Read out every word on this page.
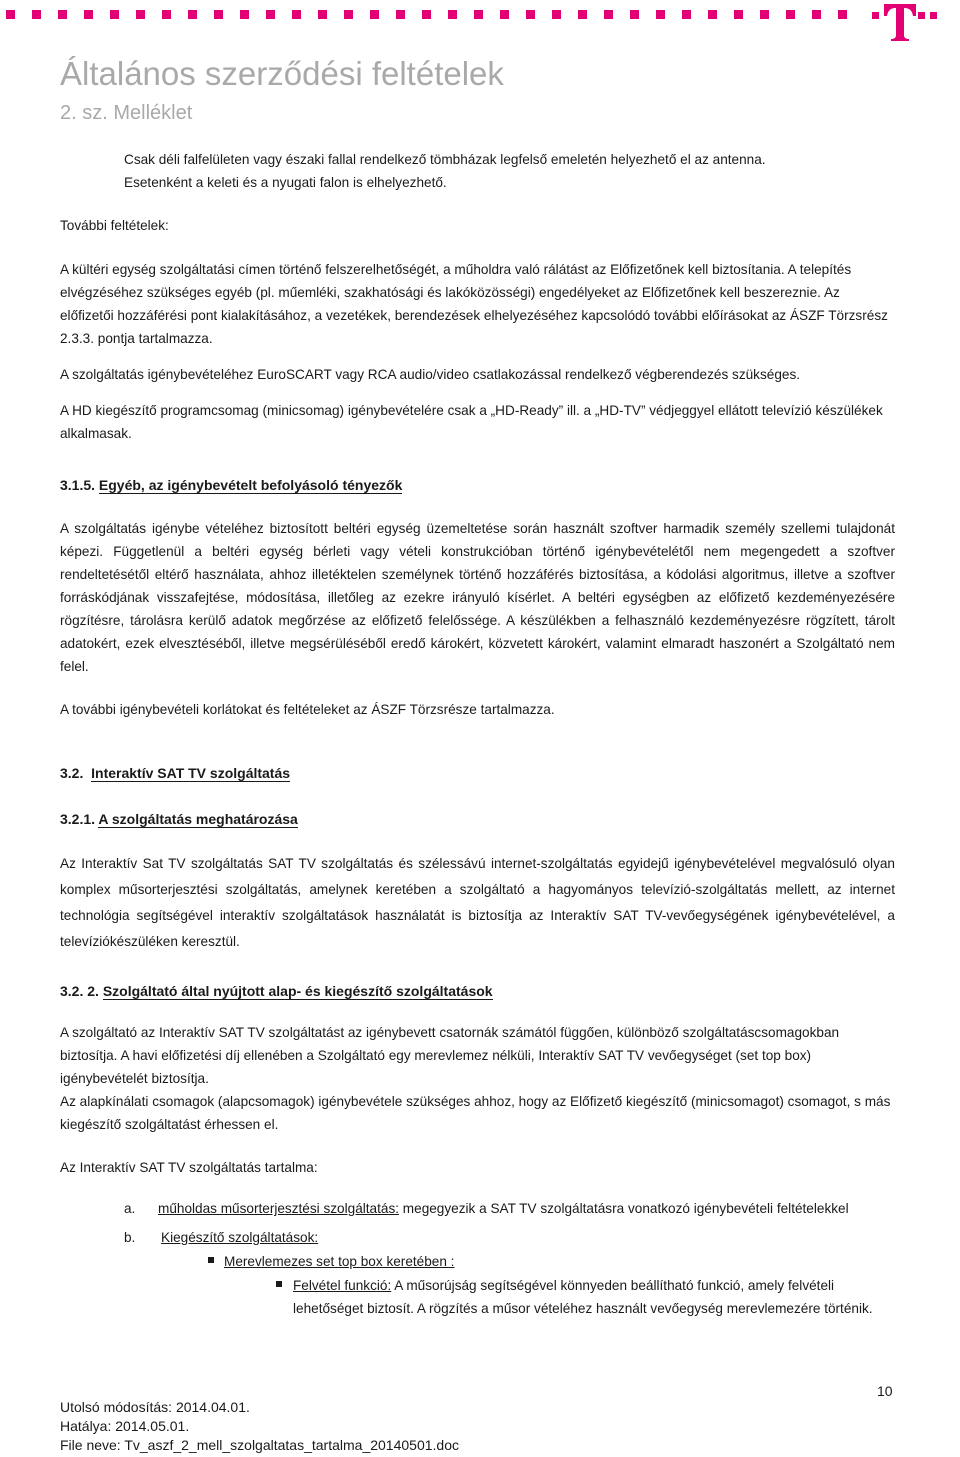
Általános szerződési feltételek
2. sz. Melléklet

Csak déli falfelületen vagy északi fallal rendelkező tömbházak legfelső emeletén helyezhető el az antenna.

Esetenként a keleti és a nyugati falon is elhelyezhető.

További feltételek:

A kültéri egység szolgáltatási címen történő felszerelhetőségét, a műholdra való rálátást az Előfizetőnek kell biztosítania. A telepítés elvégzéséhez szükséges egyéb (pl. műemléki, szakhatósági és lakóközösségi) engedélyeket az Előfizetőnek kell beszereznie. Az előfizetői hozzáférési pont kialakításához, a vezetékek, berendezések elhelyezéséhez kapcsolódó további előírásokat az ÁSZF Törzsrész 2.3.3. pontja tartalmazza.

A szolgáltatás igénybevételéhez EuroSCART vagy RCA audio/video csatlakozással rendelkező végberendezés szükséges.

A HD kiegészítő programcsomag (minicsomag) igénybevételére csak a „HD-Ready” ill. a „HD-TV” védjeggyel ellátott televízió készülékek alkalmasak.

3.1.5. Egyéb, az igénybevételt befolyásoló tényezők

A szolgáltatás igénybe vételéhez biztosított beltéri egység üzemeltetése során használt szoftver harmadik személy szellemi tulajdonát képezi. Függetlenül a beltéri egység bérleti vagy vételi konstrukcióban történő igénybevételétől nem megengedett a szoftver rendeltetésétől eltérő használata, ahhoz illetéktelen személynek történő hozzáférés biztosítása, a kódolási algoritmus, illetve a szoftver forráskódjának visszafejtése, módosítása, illetőleg az ezekre irányuló kísérlet. A beltéri egységben az előfizető kezdeményezésére rögzítésre, tárolásra kerülő adatok megőrzése az előfizető felelőssége. A készülékben a felhasználó kezdeményezésre rögzített, tárolt adatokért, ezek elvesztéséből, illetve megsérüléséből eredő károkért, közvetett károkért, valamint elmaradt haszonért a Szolgáltató nem felel.

A további igénybevételi korlátokat és feltételeket az ÁSZF Törzsrésze tartalmazza.

3.2. Interaktív SAT TV szolgáltatás

3.2.1. A szolgáltatás meghatározása

Az Interaktív Sat TV szolgáltatás SAT TV szolgáltatás és szélessávú internet-szolgáltatás egyidejű igénybevételével megvalósuló olyan komplex műsorterjesztési szolgáltatás, amelynek keretében a szolgáltató a hagyományos televízió-szolgáltatás mellett, az internet technológia segítségével interaktív szolgáltatások használatát is biztosítja az Interaktív SAT TV-vevőegységének igénybevételével, a televíziókészüléken keresztül.

3.2. 2. Szolgáltató által nyújtott alap- és kiegészítő szolgáltatások

A szolgáltató az Interaktív SAT TV szolgáltatást az igénybevett csatornák számától függően, különböző szolgáltatáscsomagokban biztosítja. A havi előfizetési díj ellenében a Szolgáltató egy merevlemez nélküli, Interaktív SAT TV vevőegységet (set top box) igénybevételét biztosítja.

Az alapkínálati csomagok (alapcsomagok) igénybevétele szükséges ahhoz, hogy az Előfizető kiegészítő (minicsomagot) csomagot, s más kiegészítő szolgáltatást érhessen el.

Az Interaktív SAT TV szolgáltatás tartalma:

a.	műholdas műsorterjesztési szolgáltatás: megegyezik a SAT TV szolgáltatásra vonatkozó igénybevételi feltételekkel

b.	Kiegészítő szolgáltatások:
Merevlemezes set top box keretében :

Felvétel funkció: A műsorújság segítségével könnyeden beállítható funkció, amely felvételi lehetőséget biztosít. A rögzítés a műsor vételéhez használt vevőegység merevlemezére történik.

10
Utolsó módosítás: 2014.04.01.
Hatálya: 2014.05.01.
File neve: Tv_aszf_2_mell_szolgaltatas_tartalma_20140501.doc
